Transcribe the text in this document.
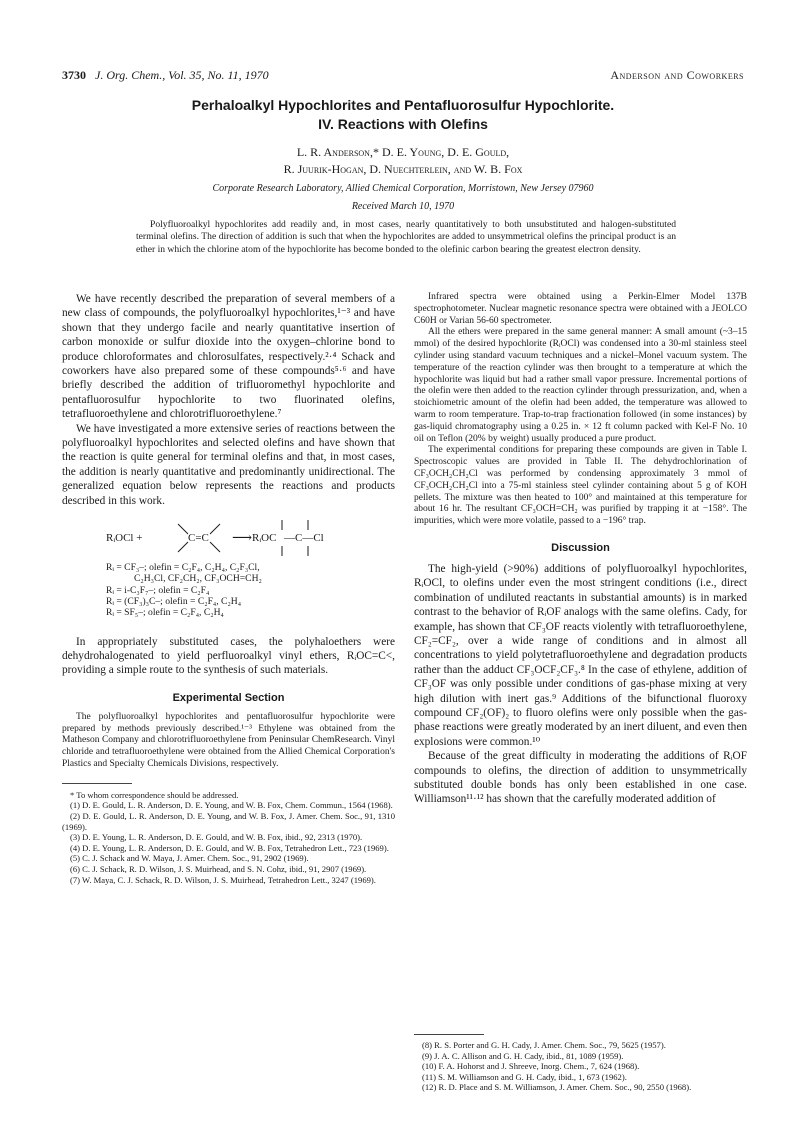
3730 J. Org. Chem., Vol. 35, No. 11, 1970	Anderson and Coworkers
Perhaloalkyl Hypochlorites and Pentafluorosulfur Hypochlorite.
IV. Reactions with Olefins
L. R. Anderson,* D. E. Young, D. E. Gould,
R. Juurik-Hogan, D. Nuechterlein, and W. B. Fox
Corporate Research Laboratory, Allied Chemical Corporation, Morristown, New Jersey 07960
Received March 10, 1970

Polyfluoroalkyl hypochlorites add readily and, in most cases, nearly quantitatively to both unsubstituted and halogen-substituted terminal olefins. The direction of addition is such that when the hypochlorites are added to unsymmetrical olefins the principal product is an ether in which the chlorine atom of the hypochlorite has become bonded to the olefinic carbon bearing the greatest electron density.

We have recently described the preparation of several members of a new class of compounds, the polyfluoroalkyl hypochlorites,¹⁻³ and have shown that they undergo facile and nearly quantitative insertion of carbon monoxide or sulfur dioxide into the oxygen–chlorine bond to produce chloroformates and chlorosulfates, respectively.²·⁴ Schack and coworkers have also prepared some of these compounds⁵·⁶ and have briefly described the addition of trifluoromethyl hypochlorite and pentafluorosulfur hypochlorite to two fluorinated olefins, tetrafluoroethylene and chlorotrifluoroethylene.⁷

We have investigated a more extensive series of reactions between the polyfluoroalkyl hypochlorites and selected olefins and have shown that the reaction is quite general for terminal olefins and that, in most cases, the addition is nearly quantitative and predominantly unidirectional. The generalized equation below represents the reactions and products described in this work.

RᵢOCl +	C=C ⟶ RᵢOC —C—Cl
Rᵢ = CF₃–; olefin = C₂F₄, C₂H₄, C₂F₃Cl,
C₂H₃Cl, CF₂CH₂, CF₃OCH=CH₂
Rᵢ = i-C₃F₇–; olefin = C₂F₄
Rᵢ = (CF₃)₃C–; olefin = C₂F₄, C₂H₄
Rᵢ = SF₅–; olefin = C₂F₄, C₂H₄

In appropriately substituted cases, the polyhaloethers were dehydrohalogenated to yield perfluoroalkyl vinyl ethers, RᵢOC=C<, providing a simple route to the synthesis of such materials.

Experimental Section

The polyfluoroalkyl hypochlorites and pentafluorosulfur hypochlorite were prepared by methods previously described.¹⁻³ Ethylene was obtained from the Matheson Company and chlorotrifluoroethylene from Peninsular ChemResearch. Vinyl chloride and tetrafluoroethylene were obtained from the Allied Chemical Corporation's Plastics and Specialty Chemicals Divisions, respectively.

* To whom correspondence should be addressed.

(1) D. E. Gould, L. R. Anderson, D. E. Young, and W. B. Fox, Chem. Commun., 1564 (1968).

(2) D. E. Gould, L. R. Anderson, D. E. Young, and W. B. Fox, J. Amer. Chem. Soc., 91, 1310 (1969).

(3) D. E. Young, L. R. Anderson, D. E. Gould, and W. B. Fox, ibid., 92, 2313 (1970).

(4) D. E. Young, L. R. Anderson, D. E. Gould, and W. B. Fox, Tetrahedron Lett., 723 (1969).

(5) C. J. Schack and W. Maya, J. Amer. Chem. Soc., 91, 2902 (1969).

(6) C. J. Schack, R. D. Wilson, J. S. Muirhead, and S. N. Cohz, ibid., 91, 2907 (1969).

(7) W. Maya, C. J. Schack, R. D. Wilson, J. S. Muirhead, Tetrahedron Lett., 3247 (1969).

Infrared spectra were obtained using a Perkin-Elmer Model 137B spectrophotometer. Nuclear magnetic resonance spectra were obtained with a JEOLCO C60H or Varian 56-60 spectrometer.

All the ethers were prepared in the same general manner: A small amount (~3–15 mmol) of the desired hypochlorite (RᵢOCl) was condensed into a 30-ml stainless steel cylinder using standard vacuum techniques and a nickel–Monel vacuum system. The temperature of the reaction cylinder was then brought to a temperature at which the hypochlorite was liquid but had a rather small vapor pressure. Incremental portions of the olefin were then added to the reaction cylinder through pressurization, and, when a stoichiometric amount of the olefin had been added, the temperature was allowed to warm to room temperature. Trap-to-trap fractionation followed (in some instances) by gas-liquid chromatography using a 0.25 in. × 12 ft column packed with Kel-F No. 10 oil on Teflon (20% by weight) usually produced a pure product.

The experimental conditions for preparing these compounds are given in Table I. Spectroscopic values are provided in Table II. The dehydrochlorination of CF₃OCH₂CH₂Cl was performed by condensing approximately 3 mmol of CF₃OCH₂CH₂Cl into a 75-ml stainless steel cylinder containing about 5 g of KOH pellets. The mixture was then heated to 100° and maintained at this temperature for about 16 hr. The resultant CF₃OCH=CH₂ was purified by trapping it at −158°. The impurities, which were more volatile, passed to a −196° trap.

Discussion

The high-yield (>90%) additions of polyfluoroalkyl hypochlorites, RᵢOCl, to olefins under even the most stringent conditions (i.e., direct combination of undiluted reactants in substantial amounts) is in marked contrast to the behavior of RᵢOF analogs with the same olefins. Cady, for example, has shown that CF₃OF reacts violently with tetrafluoroethylene, CF₂=CF₂, over a wide range of conditions and in almost all concentrations to yield polytetrafluoroethylene and degradation products rather than the adduct CF₃OCF₂CF₃.⁸ In the case of ethylene, addition of CF₃OF was only possible under conditions of gas-phase mixing at very high dilution with inert gas.⁹ Additions of the bifunctional fluoroxy compound CF₂(OF)₂ to fluoro olefins were only possible when the gas-phase reactions were greatly moderated by an inert diluent, and even then explosions were common.¹⁰

Because of the great difficulty in moderating the additions of RᵢOF compounds to olefins, the direction of addition to unsymmetrically substituted double bonds has only been established in one case. Williamson¹¹·¹² has shown that the carefully moderated addition of

(8) R. S. Porter and G. H. Cady, J. Amer. Chem. Soc., 79, 5625 (1957).

(9) J. A. C. Allison and G. H. Cady, ibid., 81, 1089 (1959).

(10) F. A. Hohorst and J. Shreeve, Inorg. Chem., 7, 624 (1968).

(11) S. M. Williamson and G. H. Cady, ibid., 1, 673 (1962).

(12) R. D. Place and S. M. Williamson, J. Amer. Chem. Soc., 90, 2550 (1968).
